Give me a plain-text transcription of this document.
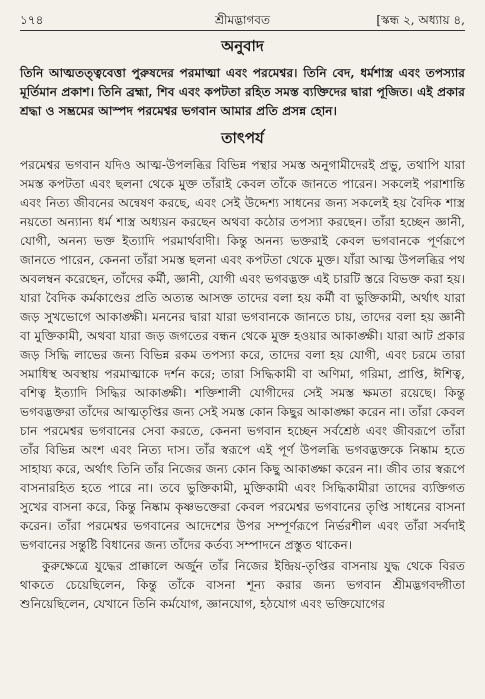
১৭৪	শ্রীমদ্ভাগবত	[স্কন্ধ ২, অধ্যায় ৪,
অনুবাদ
তিনি আত্মতত্ত্ববেত্তা পুরুষদের পরমাত্মা এবং পরমেশ্বর। তিনি বেদ, ধর্মশাস্ত্র এবং তপস্যার মূর্তিমান প্রকাশ। তিনি ব্রহ্মা, শিব এবং কপটতা রহিত সমস্ত ব্যক্তিদের দ্বারা পূজিত। এই প্রকার শ্রদ্ধা ও সম্ভ্রমের আস্পদ পরমেশ্বর ভগবান আমার প্রতি প্রসন্ন হোন।
তাৎপর্য

পরমেশ্বর ভগবান যদিও আত্ম-উপলব্ধির বিভিন্ন পন্থার সমস্ত অনুগামীদেরই প্রভু, তথাপি যারা সমস্ত কপটতা এবং ছলনা থেকে মুক্ত তাঁরাই কেবল তাঁকে জানতে পারেন। সকলেই পরাশান্তি এবং নিত্য জীবনের অন্বেষণ করছে, এবং সেই উদ্দেশ্য সাধনের জন্য সকলেই হয় বৈদিক শাস্ত্র নয়তো অন্যান্য ধর্ম শাস্ত্র অধ্যয়ন করছেন অথবা কঠোর তপস্যা করছেন। তাঁরা হচ্ছেন জ্ঞানী, যোগী, অনন্য ভক্ত ইত্যাদি পরমার্থবাদী। কিন্তু অনন্য ভক্তরাই কেবল ভগবানকে পূর্ণরূপে জানতে পারেন, কেননা তাঁরা সমস্ত ছলনা এবং কপটতা থেকে মুক্ত। যাঁরা আত্ম উপলব্ধির পথ অবলম্বন করেছেন, তাঁদের কর্মী, জ্ঞানী, যোগী এবং ভগবদ্ভক্ত এই চারটি স্তরে বিভক্ত করা হয়। যারা বৈদিক কর্মকাণ্ডের প্রতি অত্যন্ত আসক্ত তাদের বলা হয় কর্মী বা ভুক্তিকামী, অর্থাৎ যারা জড় সুখভোগে আকাঙ্ক্ষী। মননের দ্বারা যারা ভগবানকে জানতে চায়, তাদের বলা হয় জ্ঞানী বা মুক্তিকামী, অথবা যারা জড় জগতের বন্ধন থেকে মুক্ত হওয়ার আকাঙ্ক্ষী। যারা আট প্রকার জড় সিদ্ধি লাভের জন্য বিভিন্ন রকম তপস্যা করে, তাদের বলা হয় যোগী, এবং চরমে তারা সমাধিস্থ অবস্থায় পরমাত্মাকে দর্শন করে; তারা সিদ্ধিকামী বা অণিমা, গরিমা, প্রাপ্তি, ঈশিত্ব, বশিত্ব ইত্যাদি সিদ্ধির আকাঙ্ক্ষী। শক্তিশালী যোগীদের সেই সমস্ত ক্ষমতা রয়েছে। কিন্তু ভগবদ্ভক্তরা তাঁদের আত্মতৃপ্তির জন্য সেই সমস্ত কোন কিছুর আকাঙ্ক্ষা করেন না। তাঁরা কেবল চান পরমেশ্বর ভগবানের সেবা করতে, কেননা ভগবান হচ্ছেন সর্বশ্রেষ্ঠ এবং জীবরূপে তাঁরা তাঁর বিভিন্ন অংশ এবং নিত্য দাস। তাঁর স্বরূপে এই পূর্ণ উপলব্ধি ভগবদ্ভক্তকে নিষ্কাম হতে সাহায্য করে, অর্থাৎ তিনি তাঁর নিজের জন্য কোন কিছু আকাঙ্ক্ষা করেন না। জীব তার স্বরূপে বাসনারহিত হতে পারে না। তবে ভুক্তিকামী, মুক্তিকামী এবং সিদ্ধিকামীরা তাদের ব্যক্তিগত সুখের বাসনা করে, কিন্তু নিষ্কাম কৃষ্ণভক্তেরা কেবল পরমেশ্বর ভগবানের তৃপ্তি সাধনের বাসনা করেন। তাঁরা পরমেশ্বর ভগবানের আদেশের উপর সম্পূর্ণরূপে নির্ভরশীল এবং তাঁরা সর্বদাই ভগবানের সন্তুষ্টি বিধানের জন্য তাঁদের কর্তব্য সম্পাদনে প্রস্তুত থাকেন।

কুরুক্ষেত্রে যুদ্ধের প্রাক্কালে অর্জুন তাঁর নিজের ইন্দ্রিয়-তৃপ্তির বাসনায় যুদ্ধ থেকে বিরত থাকতে চেয়েছিলেন, কিন্তু তাঁকে বাসনা শূন্য করার জন্য ভগবান শ্রীমদ্ভগবদ্গীতা শুনিয়েছিলেন, যেখানে তিনি কর্মযোগ, জ্ঞানযোগ, হঠযোগ এবং ভক্তিযোগের
